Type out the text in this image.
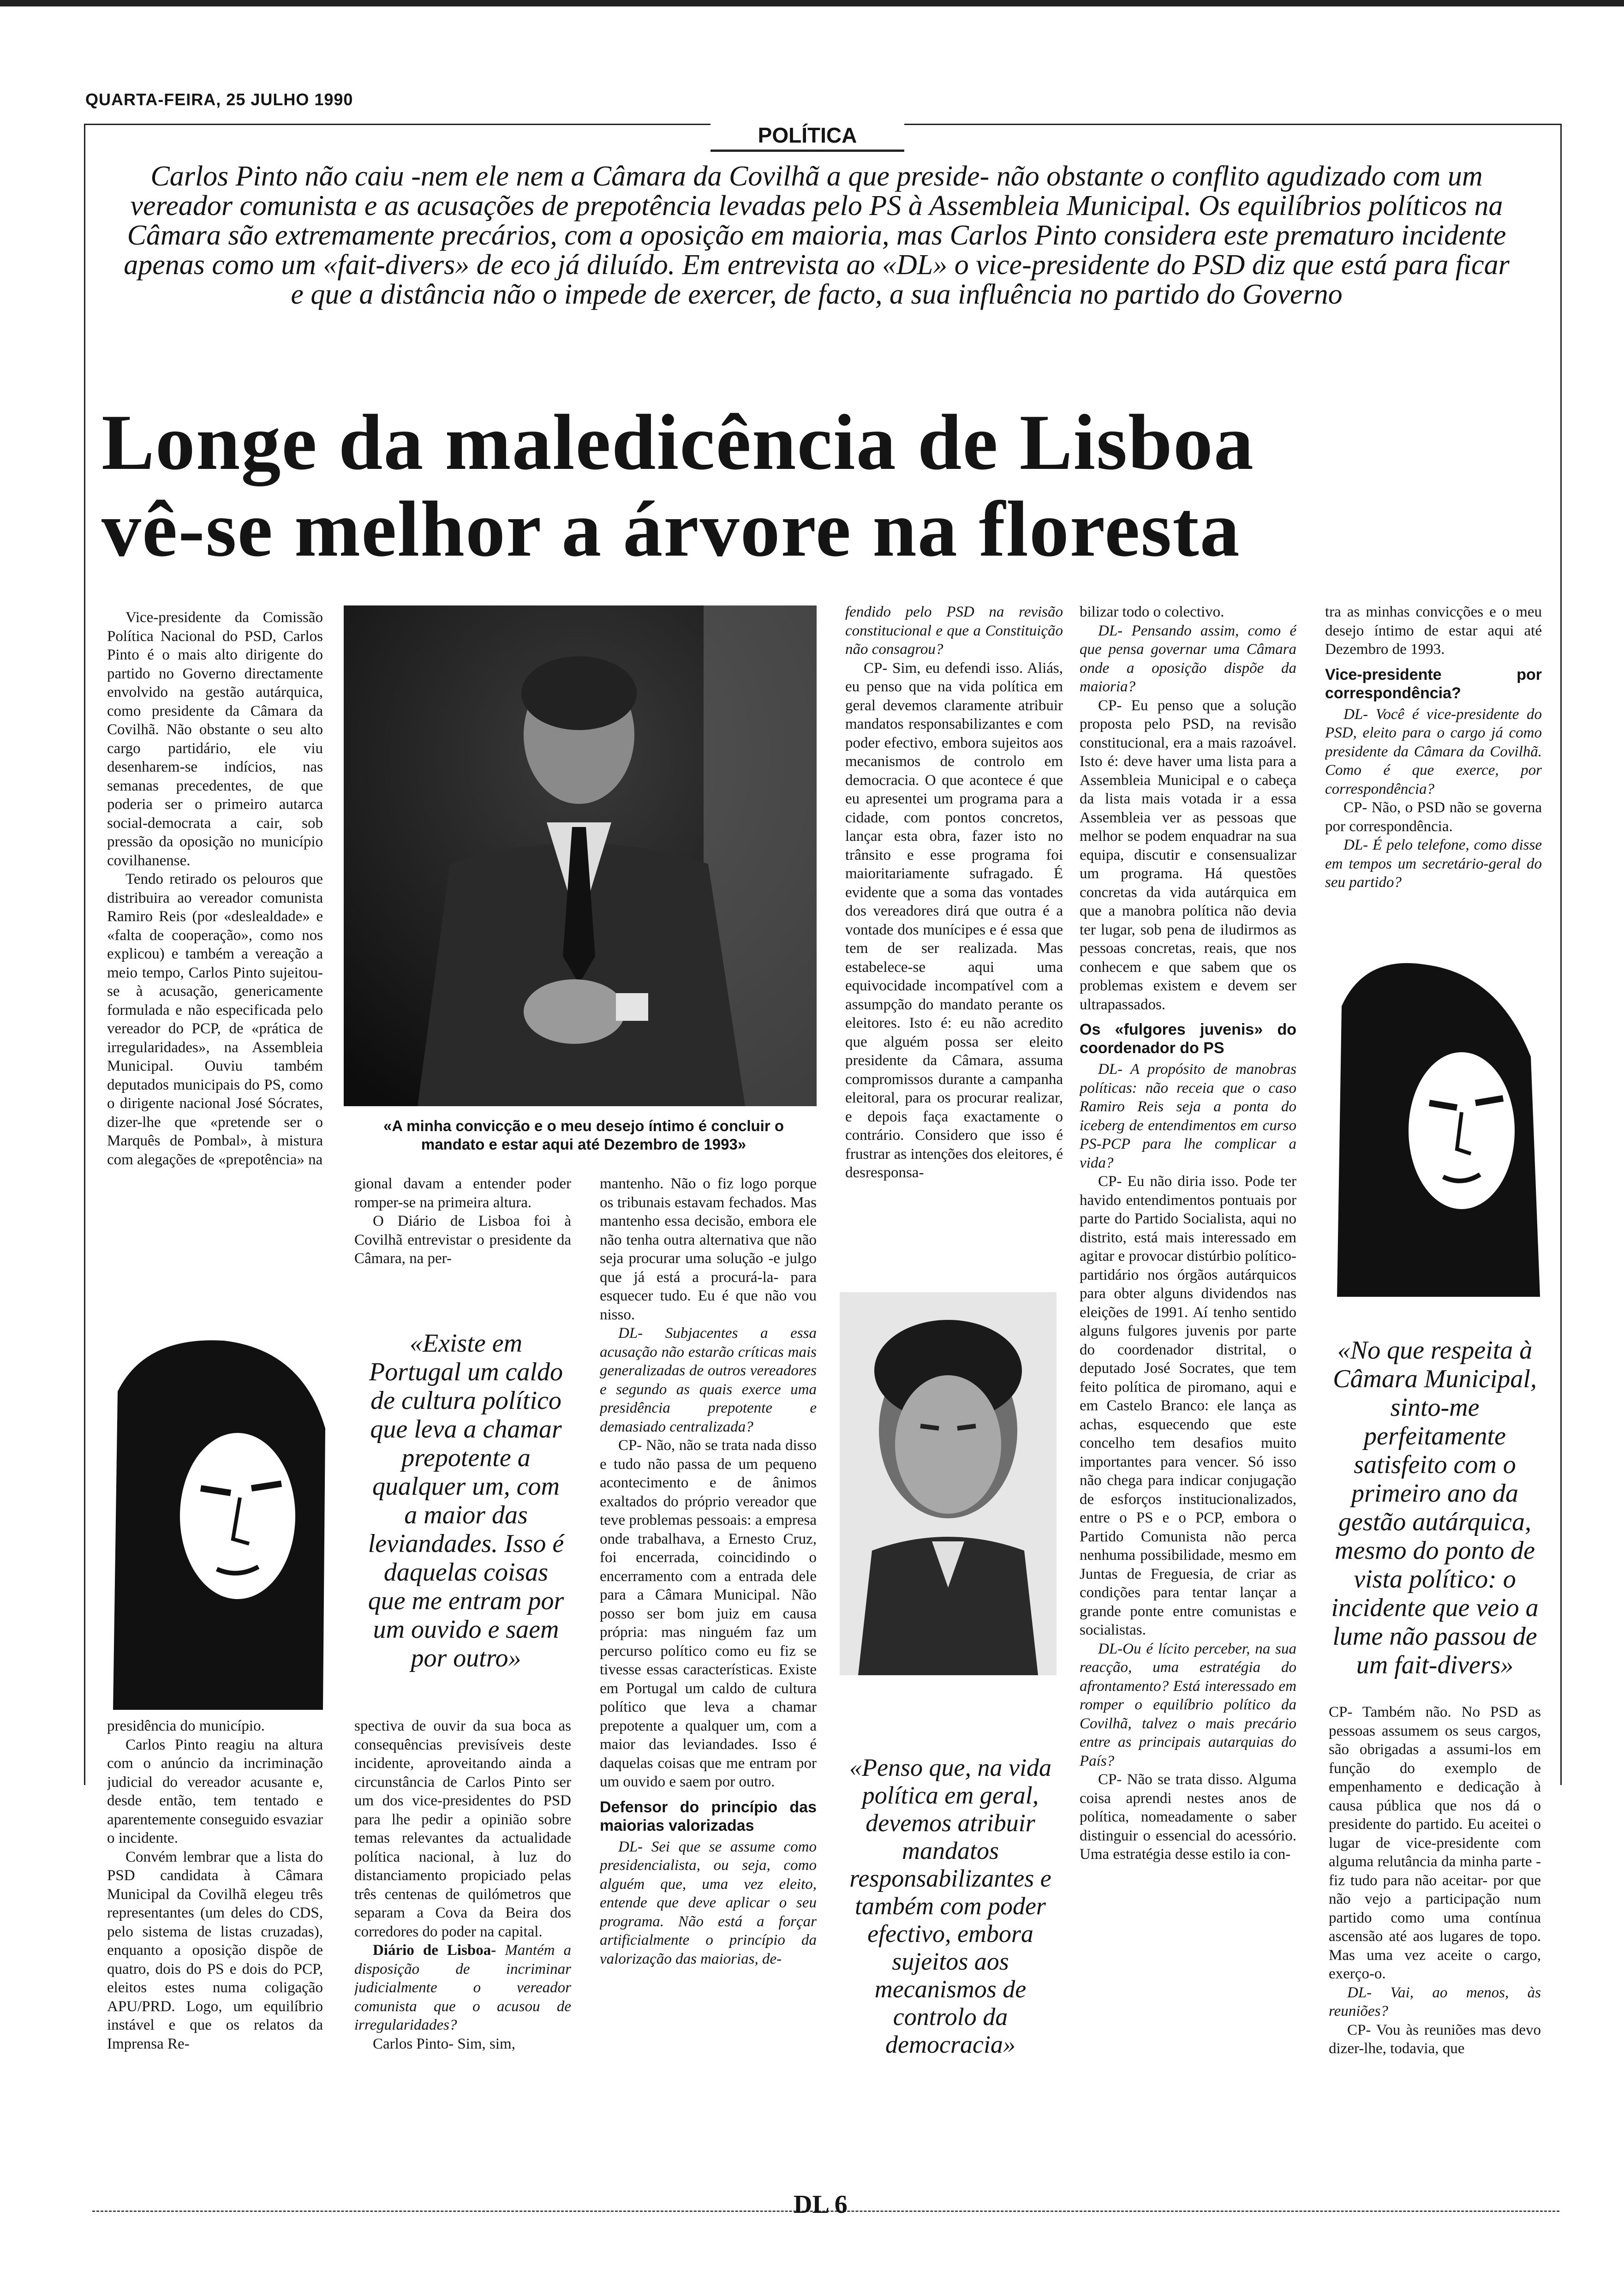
QUARTA-FEIRA, 25 JULHO 1990
POLÍTICA
Carlos Pinto não caiu -nem ele nem a Câmara da Covilhã a que preside- não obstante o conflito agudizado com um vereador comunista e as acusações de prepotência levadas pelo PS à Assembleia Municipal. Os equilíbrios políticos na Câmara são extremamente precários, com a oposição em maioria, mas Carlos Pinto considera este prematuro incidente apenas como um «fait-divers» de eco já diluído. Em entrevista ao «DL» o vice-presidente do PSD diz que está para ficar e que a distância não o impede de exercer, de facto, a sua influência no partido do Governo
Longe da maledicência de Lisboa
vê-se melhor a árvore na floresta

Vice-presidente da Comissão Política Nacional do PSD, Carlos Pinto é o mais alto dirigente do partido no Governo directamente envolvido na gestão autárquica, como presidente da Câmara da Covilhã. Não obstante o seu alto cargo partidário, ele viu desenharem-se indícios, nas semanas precedentes, de que poderia ser o primeiro autarca social-democrata a cair, sob pressão da oposição no município covilhanense.

Tendo retirado os pelouros que distribuira ao vereador comunista Ramiro Reis (por «deslealdade» e «falta de cooperação», como nos explicou) e também a vereação a meio tempo, Carlos Pinto sujeitou-se à acusação, genericamente formulada e não especificada pelo vereador do PCP, de «prática de irregularidades», na Assembleia Municipal. Ouviu também deputados municipais do PS, como o dirigente nacional José Sócrates, dizer-lhe que «pretende ser o Marquês de Pombal», à mistura com alegações de «prepotência» na

«A minha convicção e o meu desejo íntimo é concluir o mandato e estar aqui até Dezembro de 1993»

gional davam a entender poder romper-se na primeira altura.

O Diário de Lisboa foi à Covilhã entrevistar o presidente da Câmara, na per-

mantenho. Não o fiz logo porque os tribunais estavam fechados. Mas mantenho essa decisão, embora ele não tenha outra alternativa que não seja procurar uma solução -e julgo que já está a procurá-la- para esquecer tudo. Eu é que não vou nisso.

DL- Subjacentes a essa acusação não estarão críticas mais generalizadas de outros vereadores e segundo as quais exerce uma presidência prepotente e demasiado centralizada?

CP- Não, não se trata nada disso e tudo não passa de um pequeno acontecimento e de ânimos exaltados do próprio vereador que teve problemas pessoais: a empresa onde trabalhava, a Ernesto Cruz, foi encerrada, coincidindo o encerramento com a entrada dele para a Câmara Municipal. Não posso ser bom juiz em causa própria: mas ninguém faz um percurso político como eu fiz se tivesse essas características. Existe em Portugal um caldo de cultura político que leva a chamar prepotente a qualquer um, com a maior das leviandades. Isso é daquelas coisas que me entram por um ouvido e saem por outro.

Defensor do princípio das maiorias valorizadas

DL- Sei que se assume como presidencialista, ou seja, como alguém que, uma vez eleito, entende que deve aplicar o seu programa. Não está a forçar artificialmente o princípio da valorização das maiorias, de-

fendido pelo PSD na revisão constitucional e que a Constituição não consagrou?

CP- Sim, eu defendi isso. Aliás, eu penso que na vida política em geral devemos claramente atribuir mandatos responsabilizantes e com poder efectivo, embora sujeitos aos mecanismos de controlo em democracia. O que acontece é que eu apresentei um programa para a cidade, com pontos concretos, lançar esta obra, fazer isto no trânsito e esse programa foi maioritariamente sufragado. É evidente que a soma das vontades dos vereadores dirá que outra é a vontade dos munícipes e é essa que tem de ser realizada. Mas estabelece-se aqui uma equivocidade incompatível com a assumpção do mandato perante os eleitores. Isto é: eu não acredito que alguém possa ser eleito presidente da Câmara, assuma compromissos durante a campanha eleitoral, para os procurar realizar, e depois faça exactamente o contrário. Considero que isso é frustrar as intenções dos eleitores, é desresponsa-

bilizar todo o colectivo.

DL- Pensando assim, como é que pensa governar uma Câmara onde a oposição dispõe da maioria?

CP- Eu penso que a solução proposta pelo PSD, na revisão constitucional, era a mais razoável. Isto é: deve haver uma lista para a Assembleia Municipal e o cabeça da lista mais votada ir a essa Assembleia ver as pessoas que melhor se podem enquadrar na sua equipa, discutir e consensualizar um programa. Há questões concretas da vida autárquica em que a manobra política não devia ter lugar, sob pena de iludirmos as pessoas concretas, reais, que nos conhecem e que sabem que os problemas existem e devem ser ultrapassados.

Os «fulgores juvenis» do coordenador do PS

DL- A propósito de manobras políticas: não receia que o caso Ramiro Reis seja a ponta do iceberg de entendimentos em curso PS-PCP para lhe complicar a vida?

CP- Eu não diria isso. Pode ter havido entendimentos pontuais por parte do Partido Socialista, aqui no distrito, está mais interessado em agitar e provocar distúrbio político-partidário nos órgãos autárquicos para obter alguns dividendos nas eleições de 1991. Aí tenho sentido alguns fulgores juvenis por parte do coordenador distrital, o deputado José Socrates, que tem feito política de piromano, aqui e em Castelo Branco: ele lança as achas, esquecendo que este concelho tem desafios muito importantes para vencer. Só isso não chega para indicar conjugação de esforços institucionalizados, entre o PS e o PCP, embora o Partido Comunista não perca nenhuma possibilidade, mesmo em Juntas de Freguesia, de criar as condições para tentar lançar a grande ponte entre comunistas e socialistas.

DL-Ou é lícito perceber, na sua reacção, uma estratégia do afrontamento? Está interessado em romper o equilíbrio político da Covilhã, talvez o mais precário entre as principais autarquias do País?

CP- Não se trata disso. Alguma coisa aprendi nestes anos de política, nomeadamente o saber distinguir o essencial do acessório. Uma estratégia desse estilo ia con-

tra as minhas convicções e o meu desejo íntimo de estar aqui até Dezembro de 1993.

Vice-presidente por correspondência?

DL- Você é vice-presidente do PSD, eleito para o cargo já como presidente da Câmara da Covilhã. Como é que exerce, por correspondência?

CP- Não, o PSD não se governa por correspondência.

DL- É pelo telefone, como disse em tempos um secretário-geral do seu partido?

«No que respeita à Câmara Municipal, sinto-me perfeitamente satisfeito com o primeiro ano da gestão autárquica, mesmo do ponto de vista político: o incidente que veio a lume não passou de um fait-divers»

CP- Também não. No PSD as pessoas assumem os seus cargos, são obrigadas a assumi-los em função do exemplo de empenhamento e dedicação à causa pública que nos dá o presidente do partido. Eu aceitei o lugar de vice-presidente com alguma relutância da minha parte - fiz tudo para não aceitar- por que não vejo a participação num partido como uma contínua ascensão até aos lugares de topo. Mas uma vez aceite o cargo, exerço-o.

DL- Vai, ao menos, às reuniões?

CP- Vou às reuniões mas devo dizer-lhe, todavia, que

«Existe em Portugal um caldo de cultura político que leva a chamar prepotente a qualquer um, com a maior das leviandades. Isso é daquelas coisas que me entram por um ouvido e saem por outro»

presidência do município.

Carlos Pinto reagiu na altura com o anúncio da incriminação judicial do vereador acusante e, desde então, tem tentado e aparentemente conseguido esvaziar o incidente.

Convém lembrar que a lista do PSD candidata à Câmara Municipal da Covilhã elegeu três representantes (um deles do CDS, pelo sistema de listas cruzadas), enquanto a oposição dispõe de quatro, dois do PS e dois do PCP, eleitos estes numa coligação APU/PRD. Logo, um equilíbrio instável e que os relatos da Imprensa Re-

spectiva de ouvir da sua boca as consequências previsíveis deste incidente, aproveitando ainda a circunstância de Carlos Pinto ser um dos vice-presidentes do PSD para lhe pedir a opinião sobre temas relevantes da actualidade política nacional, à luz do distanciamento propiciado pelas três centenas de quilómetros que separam a Cova da Beira dos corredores do poder na capital.

Diário de Lisboa- Mantém a disposição de incriminar judicialmente o vereador comunista que o acusou de irregularidades?

Carlos Pinto- Sim, sim,

«Penso que, na vida política em geral, devemos atribuir mandatos responsabilizantes e também com poder efectivo, embora sujeitos aos mecanismos de controlo da democracia»
DL 6
